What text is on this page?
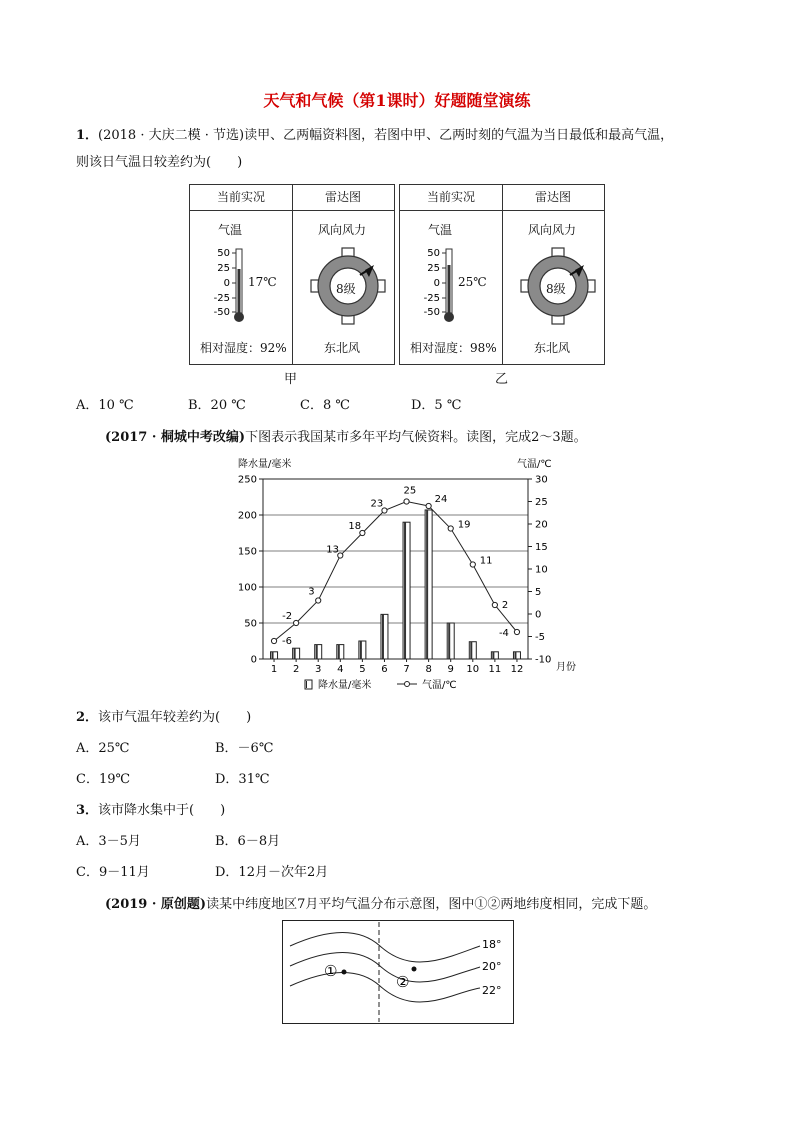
天气和气候（第1课时）好题随堂演练
1．(2018 · 大庆二模 · 节选)读甲、乙两幅资料图，若图中甲、乙两时刻的气温为当日最低和最高气温，
则该日气温日较差约为(　　)
当前实况	雷达图
气温
50
25
0
-25
-50
17℃
相对湿度：92%
风向风力
8级
东北风
甲
当前实况	雷达图
气温
50
25
0
-25
-50
25℃
相对湿度：98%
风向风力
8级
东北风
乙
A．10 ℃	B．20 ℃	C．8 ℃	D．5 ℃
(2017 · 桐城中考改编)下图表示我国某市多年平均气候资料。读图，完成2～3题。
降水量/毫米	气温/℃
-6
-2
3
13
18
23
25
24
19
11
2
-4
0
50
100
150
200
250
-10
-5
0
5
10
15
20
25
30
1 2 3 4 5 6 7 8 9 10 11 12	月份
降水量/毫米	气温/℃
2．该市气温年较差约为(　　)
A．25℃	B．－6℃
C．19℃	D．31℃
3．该市降水集中于(　　)
A．3－5月	B．6－8月
C．9－11月	D．12月－次年2月
(2019 · 原创题)读某中纬度地区7月平均气温分布示意图，图中①②两地纬度相同，完成下题。
18°
20°
22°
①
②
